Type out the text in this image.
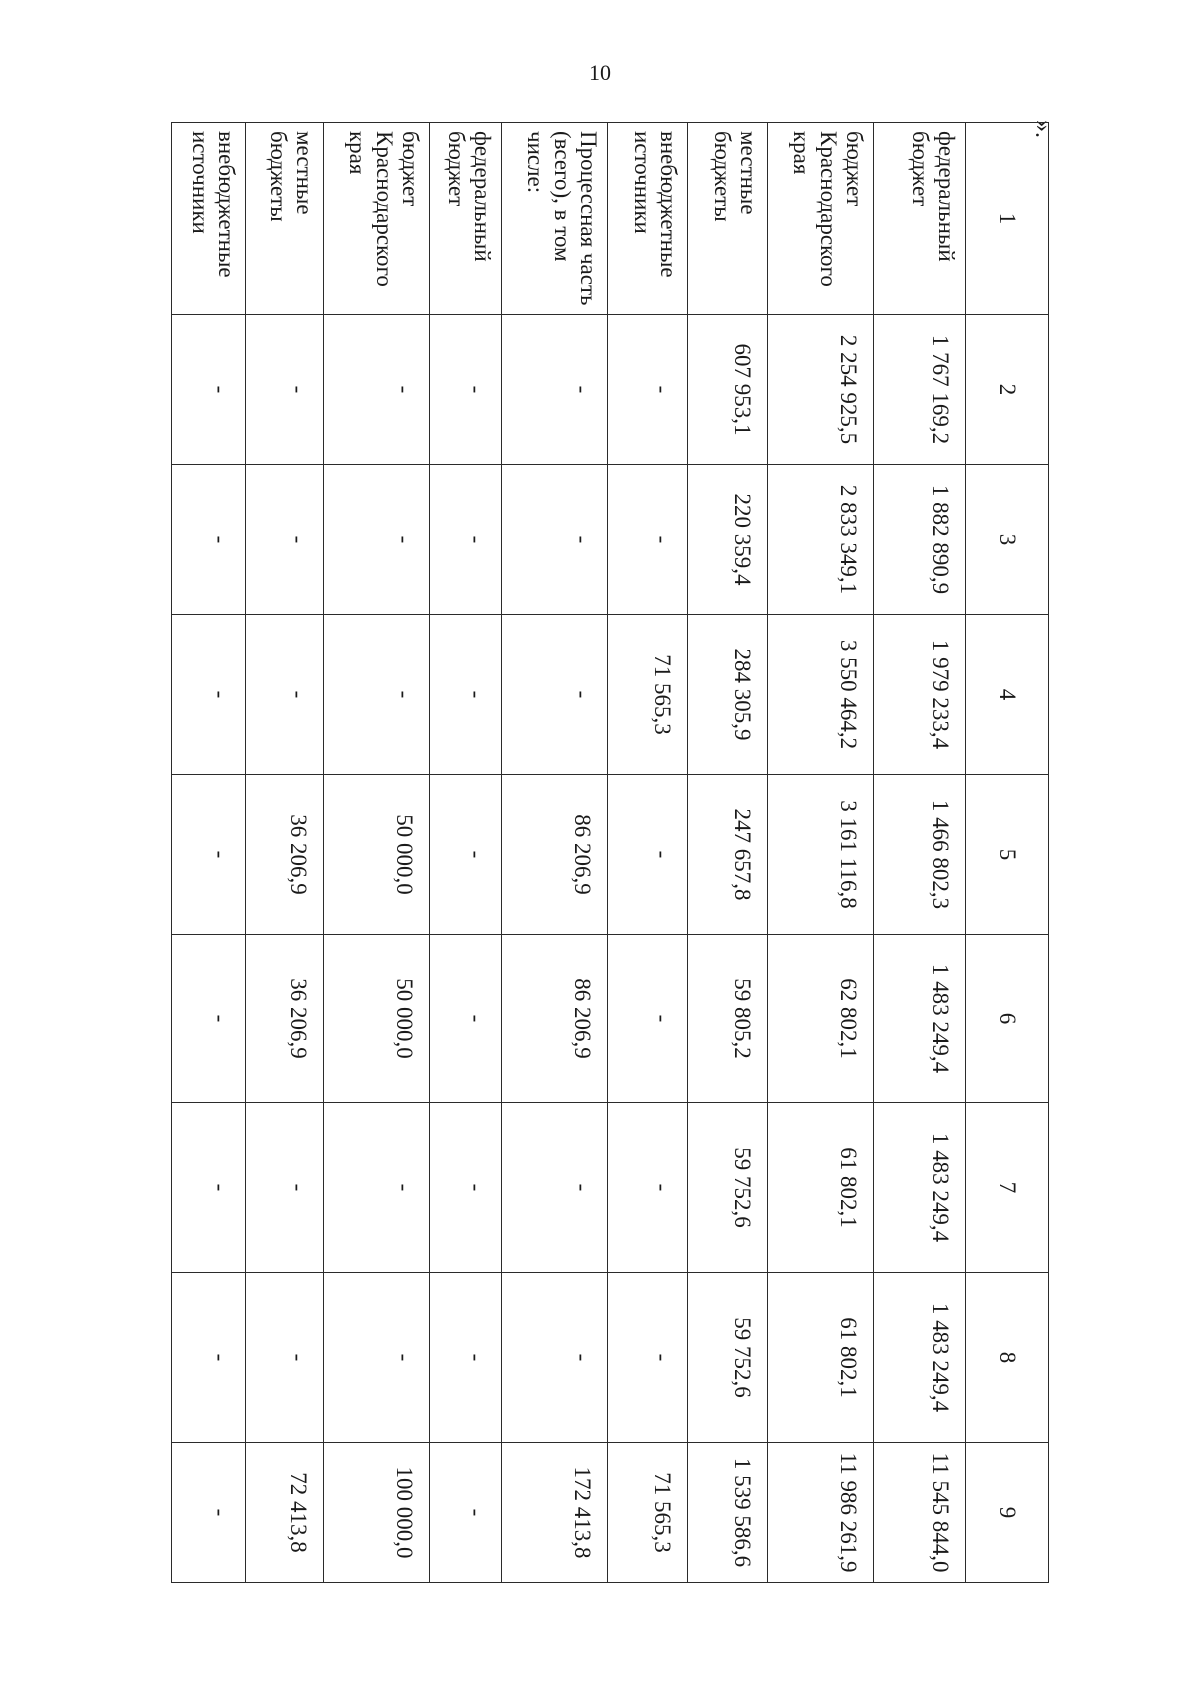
10
».
1	2	3	4	5	6	7	8	9
федеральный бюджет	1 767 169,2	1 882 890,9	1 979 233,4	1 466 802,3	1 483 249,4	1 483 249,4	1 483 249,4	11 545 844,0
бюджет Краснодарского края	2 254 925,5	2 833 349,1	3 550 464,2	3 161 116,8	62 802,1	61 802,1	61 802,1	11 986 261,9
местные бюджеты	607 953,1	220 359,4	284 305,9	247 657,8	59 805,2	59 752,6	59 752,6	1 539 586,6
внебюджетные источники	-	-	71 565,3	-	-	-	-	71 565,3
Процессная часть (всего), в том числе:	-	-	-	86 206,9	86 206,9	-	-	172 413,8
федеральный бюджет	-	-	-	-	-	-	-	-
бюджет Краснодарского края	-	-	-	50 000,0	50 000,0	-	-	100 000,0
местные бюджеты	-	-	-	36 206,9	36 206,9	-	-	72 413,8
внебюджетные источники	-	-	-	-	-	-	-	-
